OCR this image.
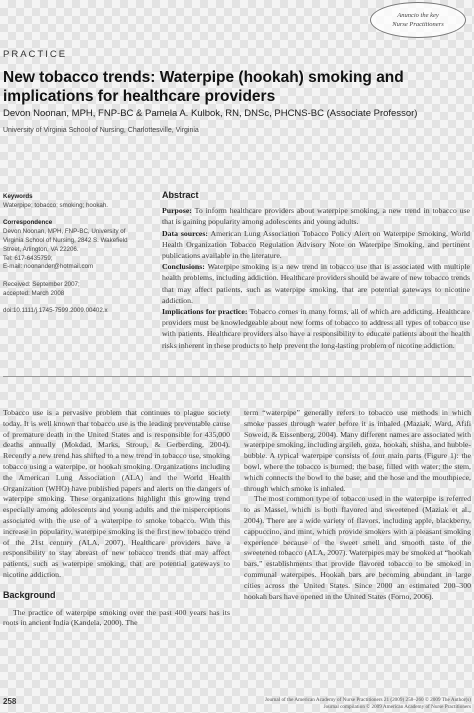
Anuncio the key
Nurse Practitioners
PRACTICE
New tobacco trends: Waterpipe (hookah) smoking and implications for healthcare providers
Devon Noonan, MPH, FNP-BC & Pamela A. Kulbok, RN, DNSc, PHCNS-BC (Associate Professor)
University of Virginia School of Nursing, Charlottesville, Virginia
Keywords
Waterpipe; tobacco; smoking; hookah.
Correspondence
Devon Noonan, MPH, FNP-BC, University of
Virginia School of Nursing, 2842 S. Wakefield
Street, Arlington, VA 22206.
Tel: 617-6435759;
E-mail: noonander@hotmail.com
Received: September 2007;
accepted: March 2008
doi:10.1111/j.1745-7599.2009.00402.x
Abstract
Purpose: To inform healthcare providers about waterpipe smoking, a new trend in tobacco use that is gaining popularity among adolescents and young adults.
Data sources: American Lung Association Tobacco Policy Alert on Waterpipe Smoking, World Health Organization Tobacco Regulation Advisory Note on Waterpipe Smoking, and pertinent publications available in the literature.
Conclusions: Waterpipe smoking is a new trend in tobacco use that is associated with multiple health problems, including addiction. Healthcare providers should be aware of new tobacco trends that may affect patients, such as waterpipe smoking, that are potential gateways to nicotine addiction.
Implications for practice: Tobacco comes in many forms, all of which are addicting. Healthcare providers must be knowledgeable about new forms of tobacco to address all types of tobacco use with patients. Healthcare providers also have a responsibility to educate patients about the health risks inherent in these products to help prevent the long-lasting problem of nicotine addiction.

Tobacco use is a pervasive problem that continues to plague society today. It is well known that tobacco use is the leading preventable cause of premature death in the United States and is responsible for 435,000 deaths annually (Mokdad, Marks, Stroup, & Gerberding, 2004). Recently a new trend has shifted to a new trend in tobacco use, smoking tobacco using a waterpipe, or hookah smoking. Organizations including the American Lung Association (ALA) and the World Health Organization (WHO) have published papers and alerts on the dangers of waterpipe smoking. These organizations highlight this growing trend especially among adolescents and young adults and the misperceptions associated with the use of a waterpipe to smoke tobacco. With this increase in popularity, waterpipe smoking is the first new tobacco trend of the 21st century (ALA, 2007). Healthcare providers have a responsibility to stay abreast of new tobacco trends that may affect patients, such as waterpipe smoking, that are potential gateways to nicotine addiction.

Background

The practice of waterpipe smoking over the past 400 years has its roots in ancient India (Kandela, 2000). The

term “waterpipe” generally refers to tobacco use methods in which smoke passes through water before it is inhaled (Maziak, Ward, Afifi Soweid, & Eissenberg, 2004). Many different names are associated with waterpipe smoking, including argileh, goza, hookah, shisha, and hubble-bubble. A typical waterpipe consists of four main parts (Figure 1): the bowl, where the tobacco is burned; the base, filled with water; the stem, which connects the bowl to the base; and the hose and the mouthpiece, through which smoke is inhaled.

The most common type of tobacco used in the waterpipe is referred to as Massel, which is both flavored and sweetened (Maziak et al., 2004). There are a wide variety of flavors, including apple, blackberry, cappuccino, and mint, which provide smokers with a pleasant smoking experience because of the sweet smell and smooth taste of the sweetened tobacco (ALA, 2007). Waterpipes may be smoked at “hookah bars,” establishments that provide flavored tobacco to be smoked in communal waterpipes. Hookah bars are becoming abundant in large cities across the United States. Since 2000 an estimated 200–300 hookah bars have opened in the United States (Forno, 2006).

258	Journal of the American Academy of Nurse Practitioners 21 (2009) 258–260 © 2009 The Author(s)
Journal compilation © 2009 American Academy of Nurse Practitioners
